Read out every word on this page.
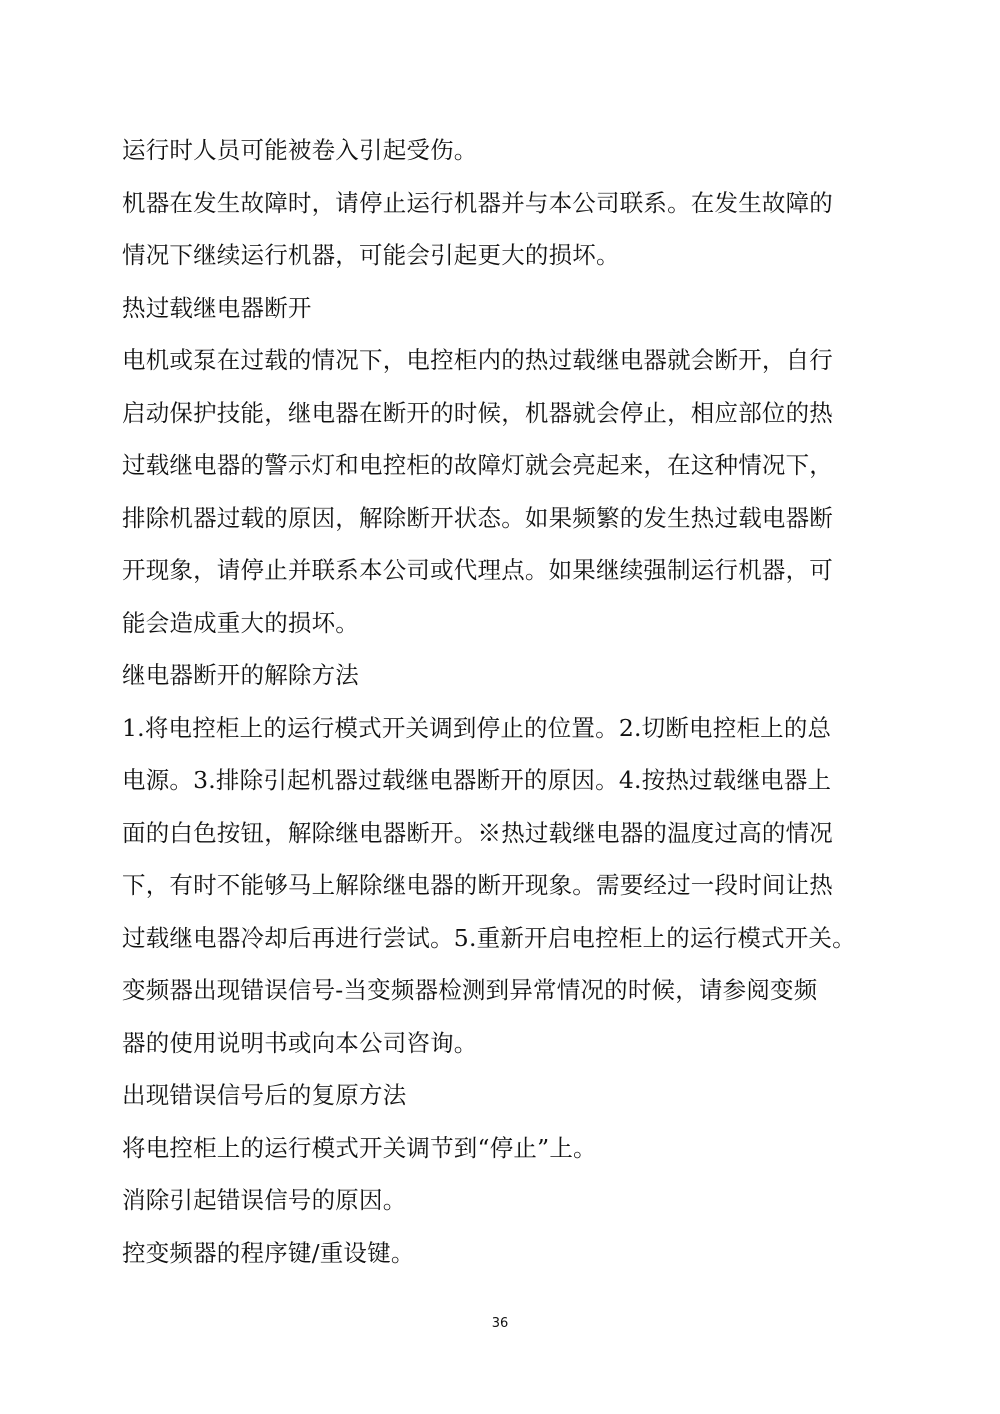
运行时人员可能被卷入引起受伤。
机器在发生故障时，请停止运行机器并与本公司联系。在发生故障的
情况下继续运行机器，可能会引起更大的损坏。
热过载继电器断开
电机或泵在过载的情况下，电控柜内的热过载继电器就会断开，自行
启动保护技能，继电器在断开的时候，机器就会停止，相应部位的热
过载继电器的警示灯和电控柜的故障灯就会亮起来，在这种情况下，
排除机器过载的原因，解除断开状态。如果频繁的发生热过载电器断
开现象，请停止并联系本公司或代理点。如果继续强制运行机器，可
能会造成重大的损坏。
继电器断开的解除方法
1.将电控柜上的运行模式开关调到停止的位置。2.切断电控柜上的总
电源。3.排除引起机器过载继电器断开的原因。4.按热过载继电器上
面的白色按钮，解除继电器断开。※热过载继电器的温度过高的情况
下，有时不能够马上解除继电器的断开现象。需要经过一段时间让热
过载继电器冷却后再进行尝试。5.重新开启电控柜上的运行模式开关。
变频器出现错误信号-当变频器检测到异常情况的时候，请参阅变频
器的使用说明书或向本公司咨询。
出现错误信号后的复原方法
将电控柜上的运行模式开关调节到“停止”上。
消除引起错误信号的原因。
控变频器的程序键/重设键。
36
